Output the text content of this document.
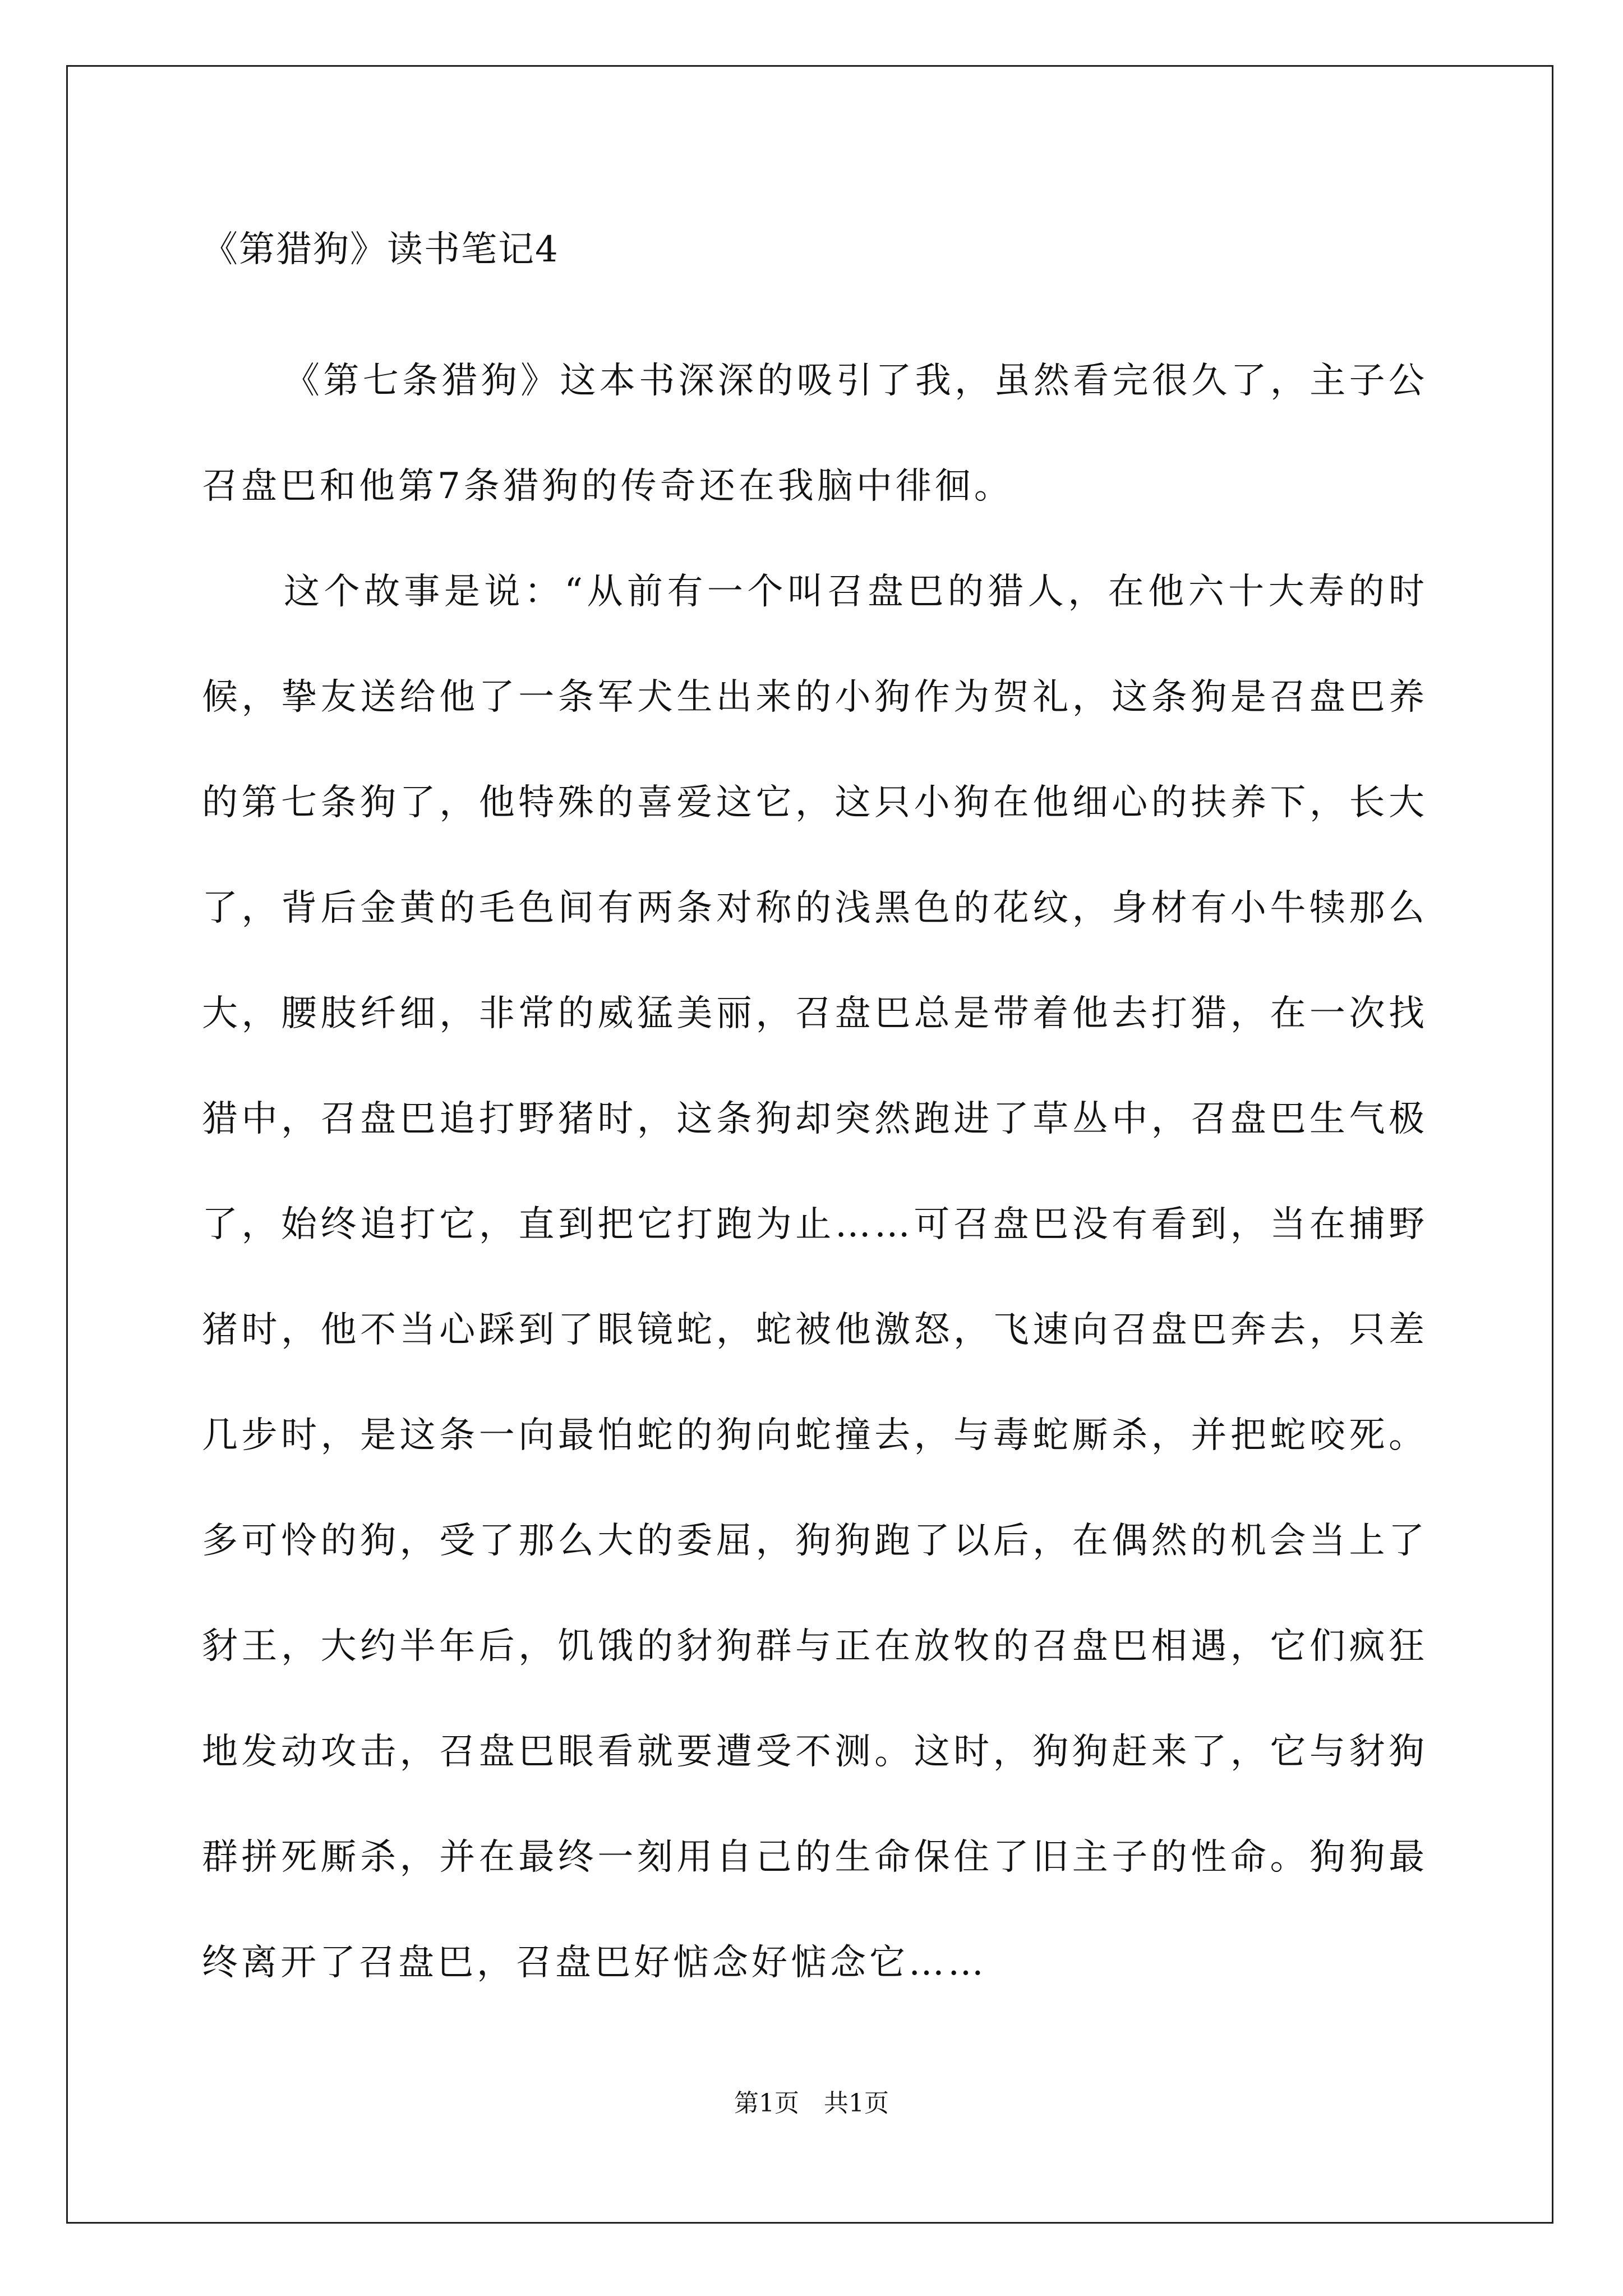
《第猎狗》读书笔记4

《第七条猎狗》这本书深深的吸引了我，虽然看完很久了，主子公召盘巴和他第7条猎狗的传奇还在我脑中徘徊。

这个故事是说：“从前有一个叫召盘巴的猎人，在他六十大寿的时候，挚友送给他了一条军犬生出来的小狗作为贺礼，这条狗是召盘巴养的第七条狗了，他特殊的喜爱这它，这只小狗在他细心的扶养下，长大了，背后金黄的毛色间有两条对称的浅黑色的花纹，身材有小牛犊那么大，腰肢纤细，非常的威猛美丽，召盘巴总是带着他去打猎，在一次找猎中，召盘巴追打野猪时，这条狗却突然跑进了草丛中，召盘巴生气极了，始终追打它，直到把它打跑为止……可召盘巴没有看到，当在捕野猪时，他不当心踩到了眼镜蛇，蛇被他激怒，飞速向召盘巴奔去，只差几步时，是这条一向最怕蛇的狗向蛇撞去，与毒蛇厮杀，并把蛇咬死。多可怜的狗，受了那么大的委屈，狗狗跑了以后，在偶然的机会当上了豺王，大约半年后，饥饿的豺狗群与正在放牧的召盘巴相遇，它们疯狂地发动攻击，召盘巴眼看就要遭受不测。这时，狗狗赶来了，它与豺狗群拼死厮杀，并在最终一刻用自己的生命保住了旧主子的性命。狗狗最终离开了召盘巴，召盘巴好惦念好惦念它……

第1页　共1页
